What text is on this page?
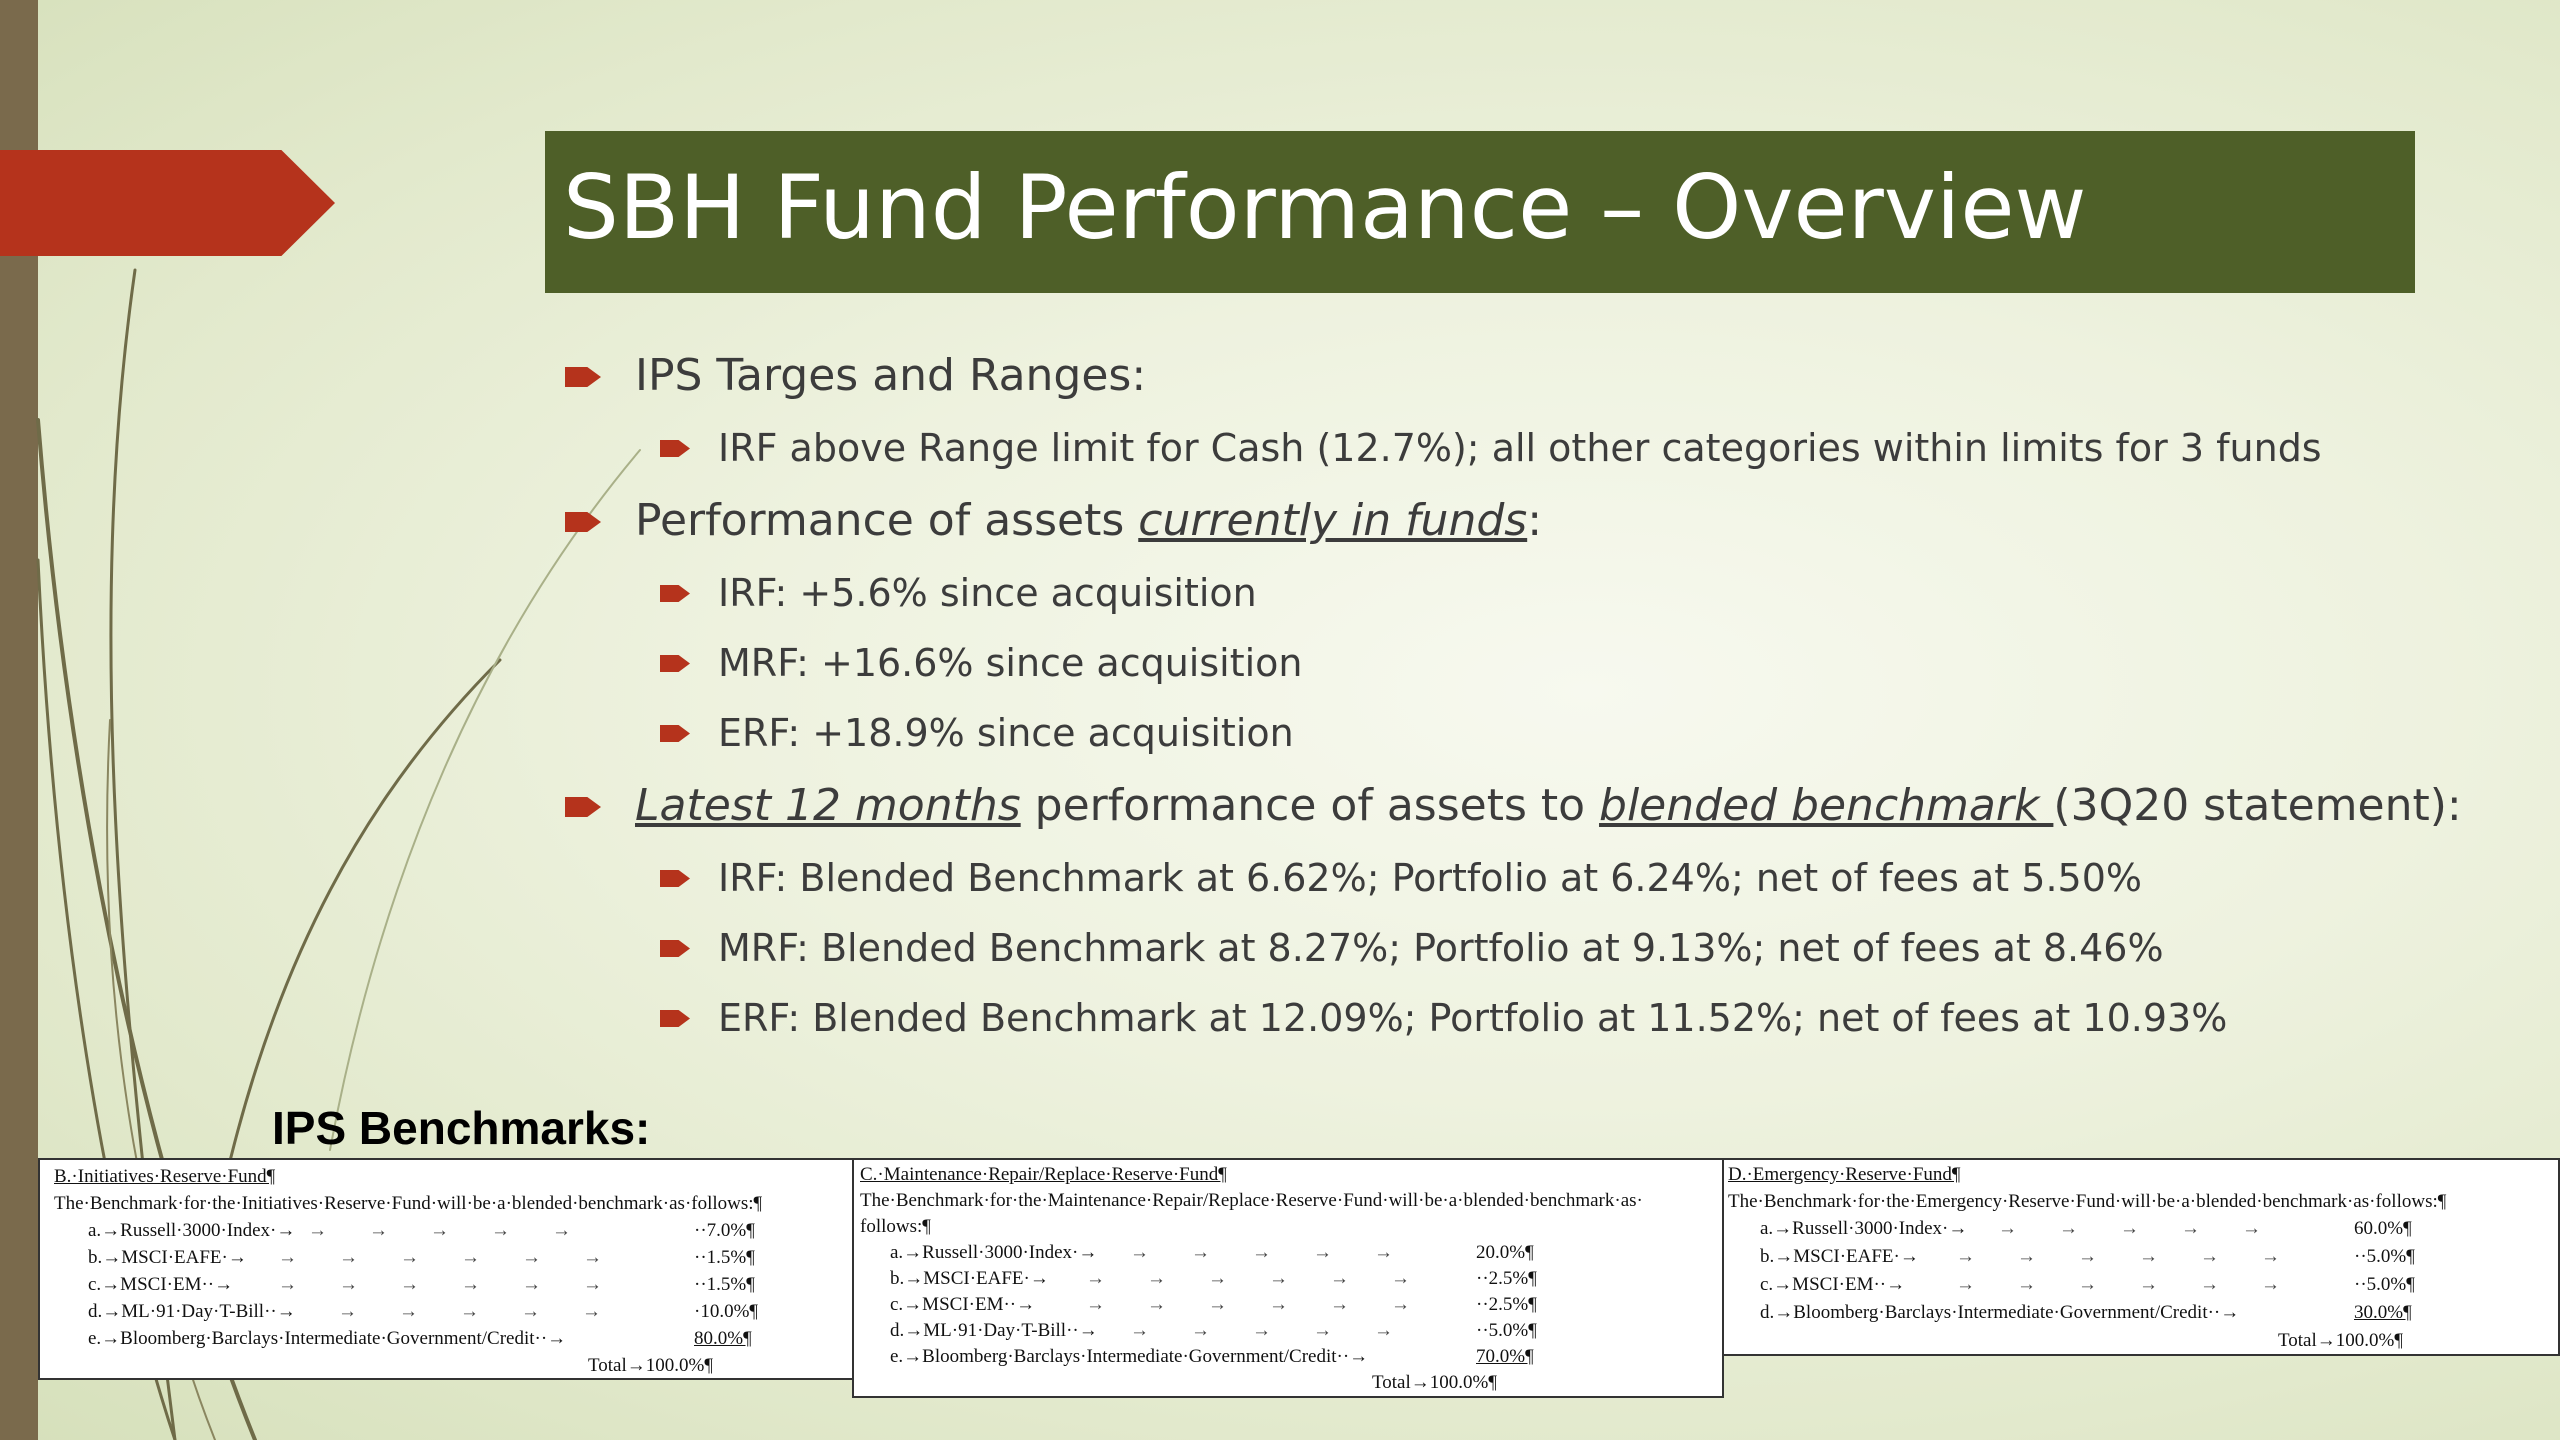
SBH Fund Performance – Overview
IPS Targes and Ranges:
IRF above Range limit for Cash (12.7%); all other categories within limits for 3 funds
Performance of assets currently in funds:
IRF: +5.6% since acquisition
MRF: +16.6% since acquisition
ERF: +18.9% since acquisition
Latest 12 months performance of assets to blended benchmark (3Q20 statement):
IRF: Blended Benchmark at 6.62%; Portfolio at 6.24%; net of fees at 5.50%
MRF: Blended Benchmark at 8.27%; Portfolio at 9.13%; net of fees at 8.46%
ERF: Blended Benchmark at 12.09%; Portfolio at 11.52%; net of fees at 10.93%
IPS Benchmarks:
B.·Initiatives·Reserve·Fund¶
The·Benchmark·for·the·Initiatives·Reserve·Fund·will·be·a·blended·benchmark·as·follows:¶
a.→Russell·3000·Index·→ → → → → →	··7.0%¶
b.→MSCI·EAFE·→ → → → → → →	··1.5%¶
c.→MSCI·EM··→ → → → → → →	··1.5%¶
d.→ML·91·Day·T-Bill··→ → → → → →	·10.0%¶
e.→Bloomberg·Barclays·Intermediate·Government/Credit··→	80.0%¶
Total→100.0%¶
C.·Maintenance·Repair/Replace·Reserve·Fund¶
The·Benchmark·for·the·Maintenance·Repair/Replace·Reserve·Fund·will·be·a·blended·benchmark·as·
follows:¶
a.→Russell·3000·Index·→ → → → → →	20.0%¶
b.→MSCI·EAFE·→ → → → → → →	··2.5%¶
c.→MSCI·EM··→	→ → → → → →	··2.5%¶
d.→ML·91·Day·T-Bill··→ → → → → →	··5.0%¶
e.→Bloomberg·Barclays·Intermediate·Government/Credit··→	70.0%¶
Total→100.0%¶
D.·Emergency·Reserve·Fund¶
The·Benchmark·for·the·Emergency·Reserve·Fund·will·be·a·blended·benchmark·as·follows:¶
a.→Russell·3000·Index·→ → → → → →	60.0%¶
b.→MSCI·EAFE·→ → → → → → →	··5.0%¶
c.→MSCI·EM··→	→ → → → → →	··5.0%¶
d.→Bloomberg·Barclays·Intermediate·Government/Credit··→	30.0%¶
Total→100.0%¶
